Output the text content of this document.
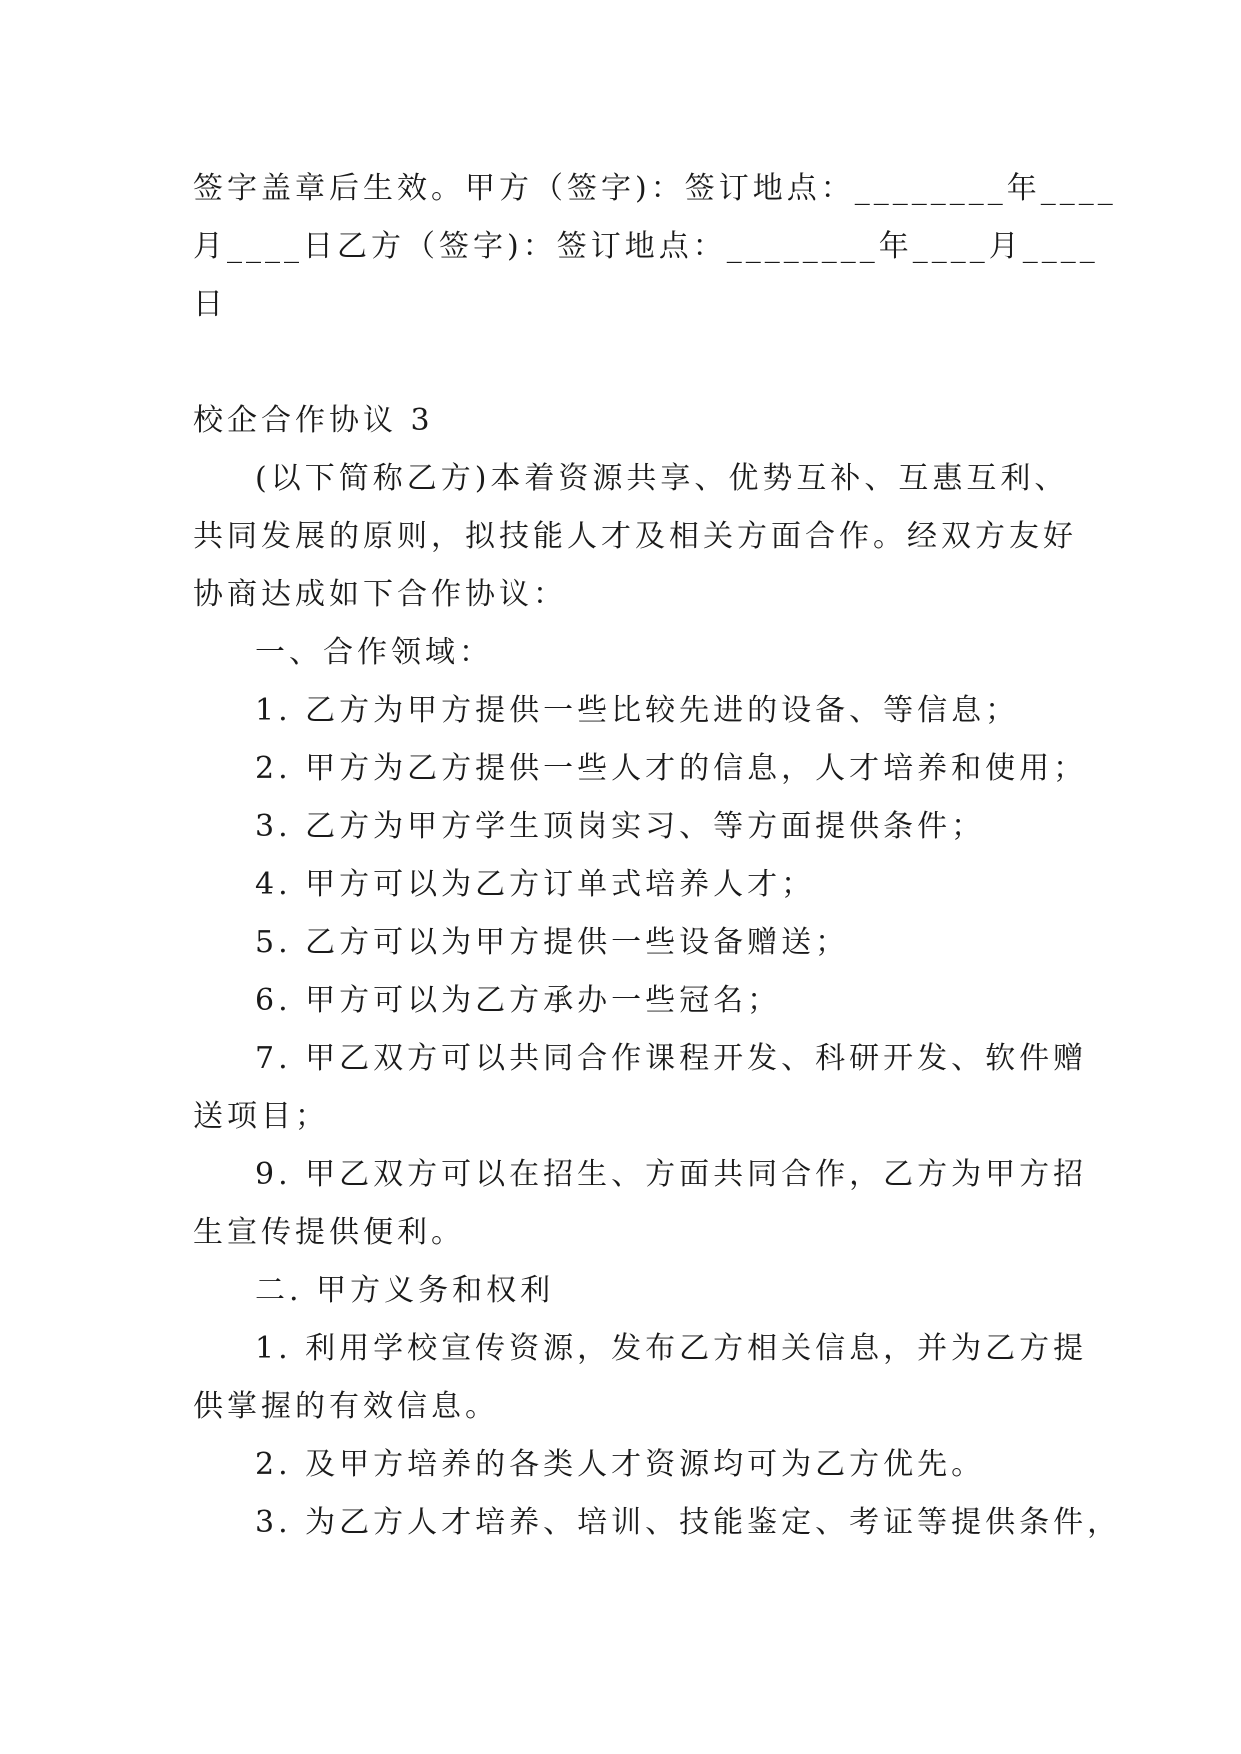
签字盖章后生效。甲方（签字)：签订地点：________年____

月____日乙方（签字)：签订地点：________年____月____

日

校企合作协议 3

(以下简称乙方)本着资源共享、优势互补、互惠互利、

共同发展的原则，拟技能人才及相关方面合作。经双方友好

协商达成如下合作协议：

一、合作领域：

1. 乙方为甲方提供一些比较先进的设备、等信息；

2. 甲方为乙方提供一些人才的信息，人才培养和使用；

3. 乙方为甲方学生顶岗实习、等方面提供条件；

4. 甲方可以为乙方订单式培养人才；

5. 乙方可以为甲方提供一些设备赠送；

6. 甲方可以为乙方承办一些冠名；

7. 甲乙双方可以共同合作课程开发、科研开发、软件赠

送项目；

9. 甲乙双方可以在招生、方面共同合作，乙方为甲方招

生宣传提供便利。

二. 甲方义务和权利

1. 利用学校宣传资源，发布乙方相关信息，并为乙方提

供掌握的有效信息。

2. 及甲方培养的各类人才资源均可为乙方优先。

3. 为乙方人才培养、培训、技能鉴定、考证等提供条件，
